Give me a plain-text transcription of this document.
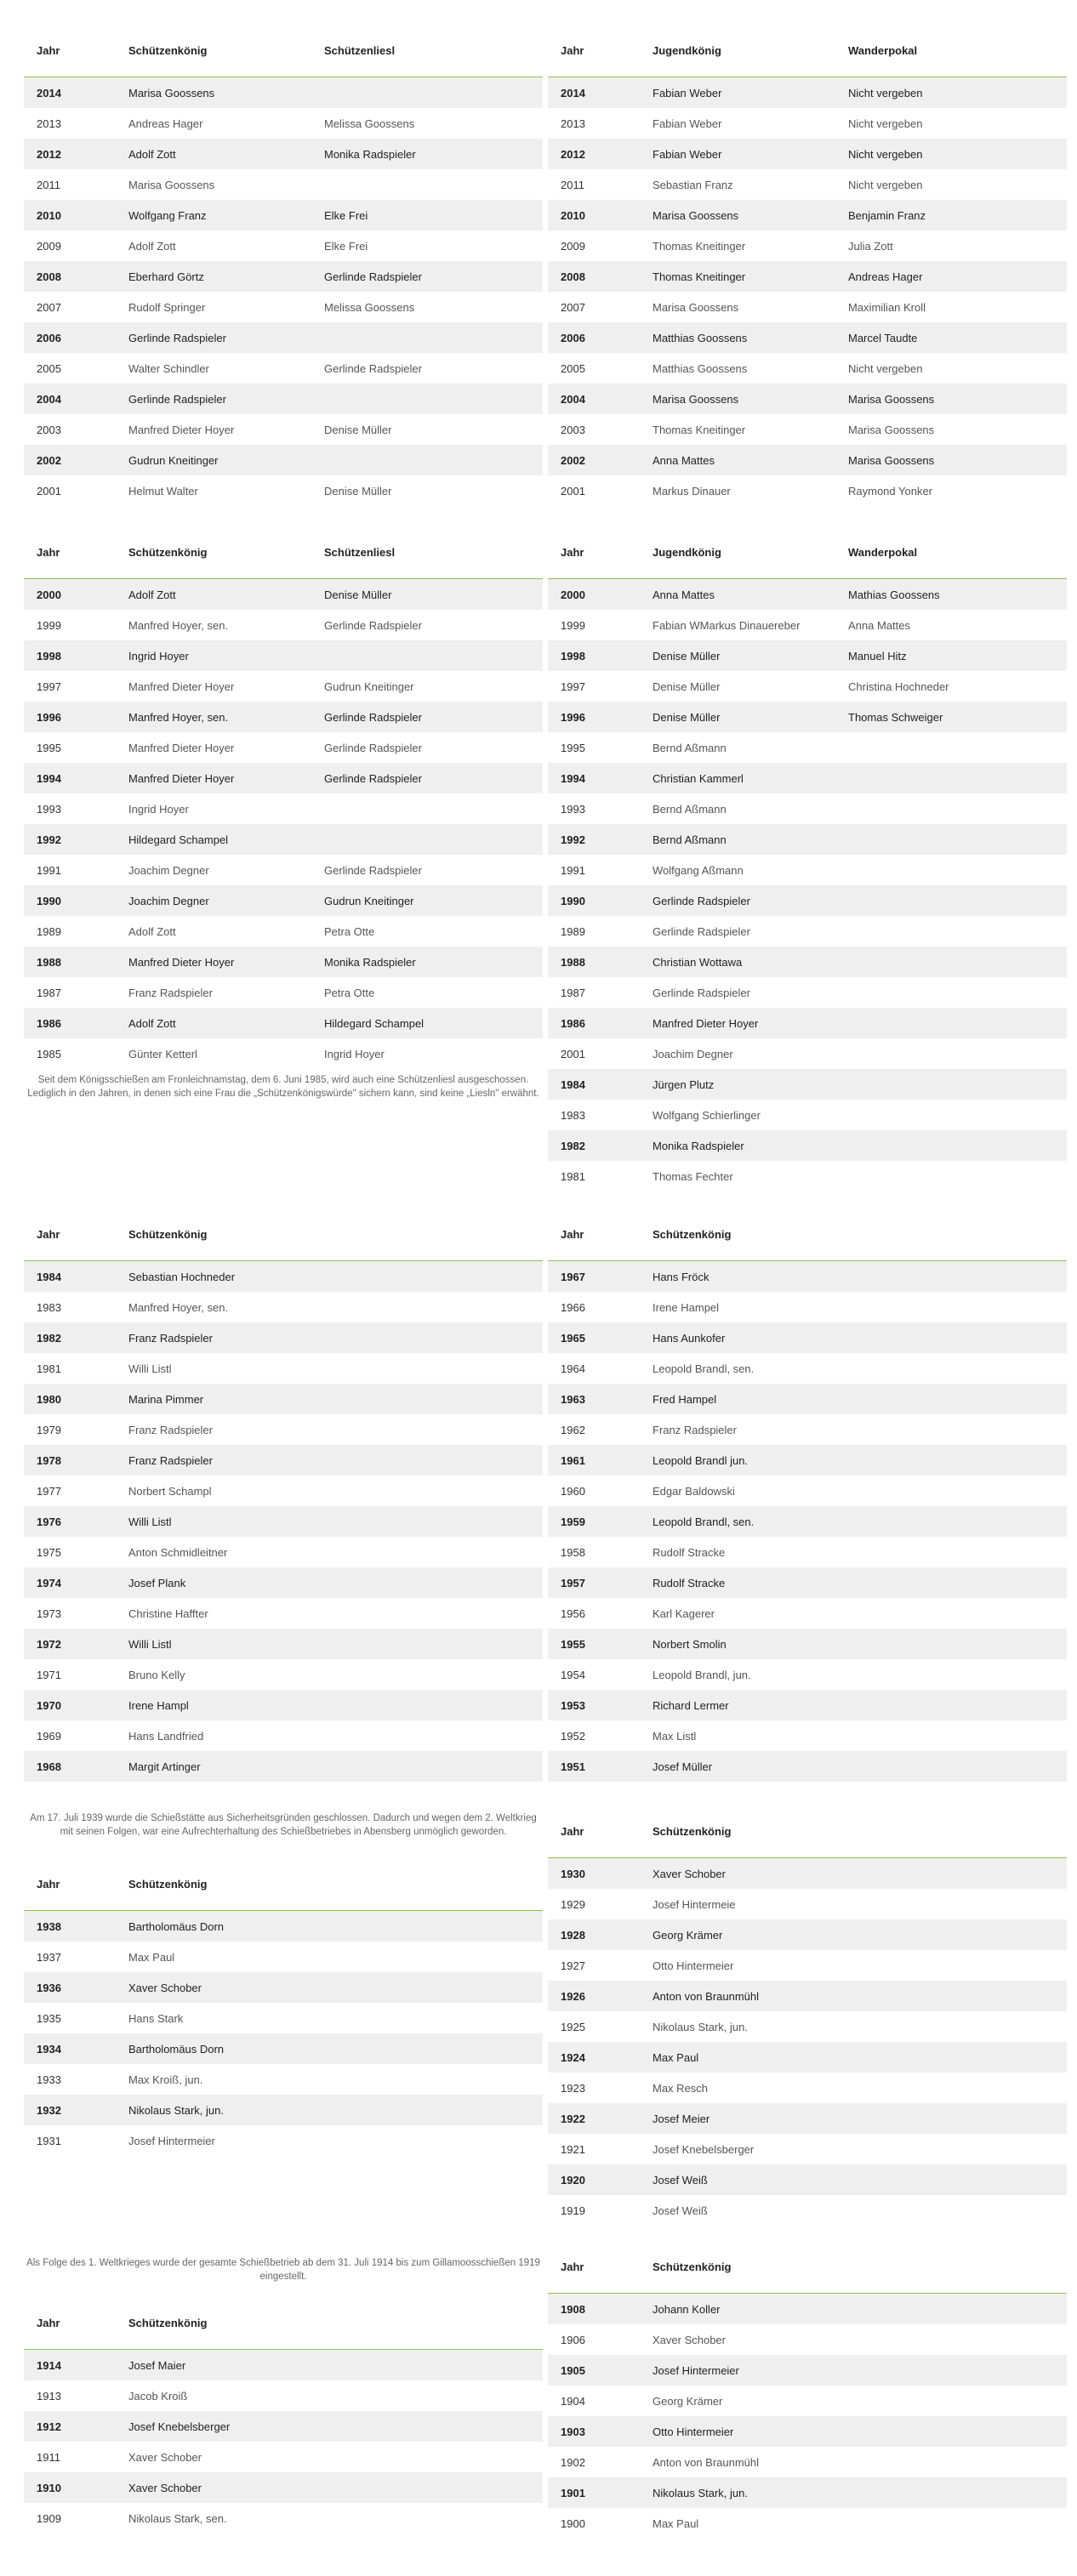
Jahr	Schützenkönig	Schützenliesl
2014	Marisa Goossens	
2013	Andreas Hager	Melissa Goossens
2012	Adolf Zott	Monika Radspieler
2011	Marisa Goossens	
2010	Wolfgang Franz	Elke Frei
2009	Adolf Zott	Elke Frei
2008	Eberhard Görtz	Gerlinde Radspieler
2007	Rudolf Springer	Melissa Goossens
2006	Gerlinde Radspieler	
2005	Walter Schindler	Gerlinde Radspieler
2004	Gerlinde Radspieler	
2003	Manfred Dieter Hoyer	Denise Müller
2002	Gudrun Kneitinger	
2001	Helmut Walter	Denise Müller
Jahr	Jugendkönig	Wanderpokal
2014	Fabian Weber	Nicht vergeben
2013	Fabian Weber	Nicht vergeben
2012	Fabian Weber	Nicht vergeben
2011	Sebastian Franz	Nicht vergeben
2010	Marisa Goossens	Benjamin Franz
2009	Thomas Kneitinger	Julia Zott
2008	Thomas Kneitinger	Andreas Hager
2007	Marisa Goossens	Maximilian Kroll
2006	Matthias Goossens	Marcel Taudte
2005	Matthias Goossens	Nicht vergeben
2004	Marisa Goossens	Marisa Goossens
2003	Thomas Kneitinger	Marisa Goossens
2002	Anna Mattes	Marisa Goossens
2001	Markus Dinauer	Raymond Yonker
Jahr	Schützenkönig	Schützenliesl
2000	Adolf Zott	Denise Müller
1999	Manfred Hoyer, sen.	Gerlinde Radspieler
1998	Ingrid Hoyer	
1997	Manfred Dieter Hoyer	Gudrun Kneitinger
1996	Manfred Hoyer, sen.	Gerlinde Radspieler
1995	Manfred Dieter Hoyer	Gerlinde Radspieler
1994	Manfred Dieter Hoyer	Gerlinde Radspieler
1993	Ingrid Hoyer	
1992	Hildegard Schampel	
1991	Joachim Degner	Gerlinde Radspieler
1990	Joachim Degner	Gudrun Kneitinger
1989	Adolf Zott	Petra Otte
1988	Manfred Dieter Hoyer	Monika Radspieler
1987	Franz Radspieler	Petra Otte
1986	Adolf Zott	Hildegard Schampel
1985	Günter Ketterl	Ingrid Hoyer
Jahr	Jugendkönig	Wanderpokal
2000	Anna Mattes	Mathias Goossens
1999	Fabian WMarkus Dinauereber	Anna Mattes
1998	Denise Müller	Manuel Hitz
1997	Denise Müller	Christina Hochneder
1996	Denise Müller	Thomas Schweiger
1995	Bernd Aßmann	
1994	Christian Kammerl	
1993	Bernd Aßmann	
1992	Bernd Aßmann	
1991	Wolfgang Aßmann	
1990	Gerlinde Radspieler	
1989	Gerlinde Radspieler	
1988	Christian Wottawa	
1987	Gerlinde Radspieler	
1986	Manfred Dieter Hoyer	
2001	Joachim Degner	
1984	Jürgen Plutz	
1983	Wolfgang Schierlinger	
1982	Monika Radspieler	
1981	Thomas Fechter	

Seit dem Königsschießen am Fronleichnamstag, dem 6. Juni 1985, wird auch eine Schützenliesl ausgeschossen. Lediglich in den Jahren, in denen sich eine Frau die „Schützenkönigswürde" sichern kann, sind keine „Liesln" erwähnt.

Jahr	Schützenkönig
1984	Sebastian Hochneder
1983	Manfred Hoyer, sen.
1982	Franz Radspieler
1981	Willi Listl
1980	Marina Pimmer
1979	Franz Radspieler
1978	Franz Radspieler
1977	Norbert Schampl
1976	Willi Listl
1975	Anton Schmidleitner
1974	Josef Plank
1973	Christine Haffter
1972	Willi Listl
1971	Bruno Kelly
1970	Irene Hampl
1969	Hans Landfried
1968	Margit Artinger
Jahr	Schützenkönig
1967	Hans Fröck
1966	Irene Hampel
1965	Hans Aunkofer
1964	Leopold Brandl, sen.
1963	Fred Hampel
1962	Franz Radspieler
1961	Leopold Brandl jun.
1960	Edgar Baldowski
1959	Leopold Brandl, sen.
1958	Rudolf Stracke
1957	Rudolf Stracke
1956	Karl Kagerer
1955	Norbert Smolin
1954	Leopold Brandl, jun.
1953	Richard Lermer
1952	Max Listl
1951	Josef Müller

Am 17. Juli 1939 wurde die Schießstätte aus Sicherheitsgründen geschlossen. Dadurch und wegen dem 2. Weltkrieg mit seinen Folgen, war eine Aufrechterhaltung des Schießbetriebes in Abensberg unmöglich geworden.

Jahr	Schützenkönig
1938	Bartholomäus Dorn
1937	Max Paul
1936	Xaver Schober
1935	Hans Stark
1934	Bartholomäus Dorn
1933	Max Kroiß, jun.
1932	Nikolaus Stark, jun.
1931	Josef Hintermeier
Jahr	Schützenkönig
1930	Xaver Schober
1929	Josef Hintermeie
1928	Georg Krämer
1927	Otto Hintermeier
1926	Anton von Braunmühl
1925	Nikolaus Stark, jun.
1924	Max Paul
1923	Max Resch
1922	Josef Meier
1921	Josef Knebelsberger
1920	Josef Weiß
1919	Josef Weiß

Als Folge des 1. Weltkrieges wurde der gesamte Schießbetrieb ab dem 31. Juli 1914 bis zum Gillamoosschießen 1919 eingestellt.

Jahr	Schützenkönig
1914	Josef Maier
1913	Jacob Kroiß
1912	Josef Knebelsberger
1911	Xaver Schober
1910	Xaver Schober
1909	Nikolaus Stark, sen.
Jahr	Schützenkönig
1908	Johann Koller
1906	Xaver Schober
1905	Josef Hintermeier
1904	Georg Krämer
1903	Otto Hintermeier
1902	Anton von Braunmühl
1901	Nikolaus Stark, jun.
1900	Max Paul
